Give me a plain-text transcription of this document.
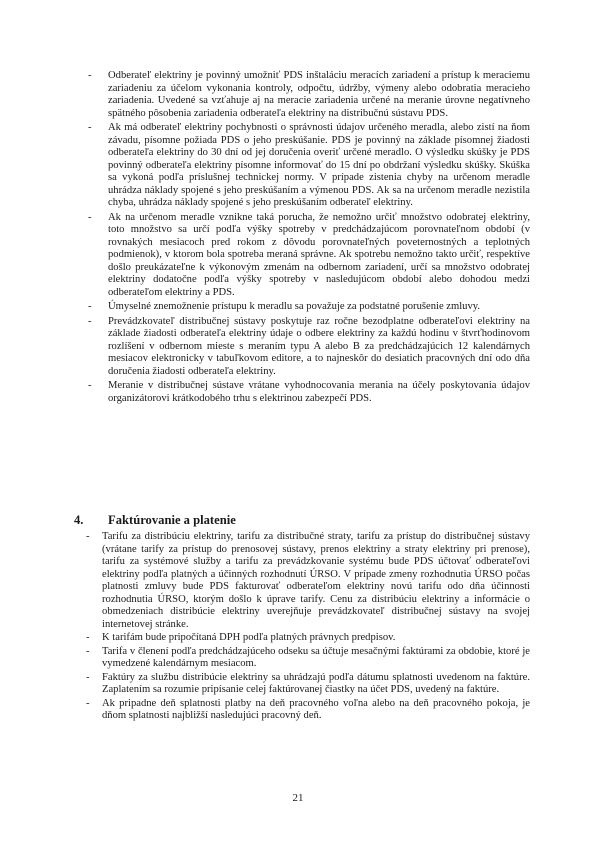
- Odberateľ elektriny je povinný umožniť PDS inštaláciu meracích zariadení a prístup k meraciemu zariadeniu za účelom vykonania kontroly, odpočtu, údržby, výmeny alebo odobratia meracieho zariadenia. Uvedené sa vzťahuje aj na meracie zariadenia určené na meranie úrovne negatívneho spätného pôsobenia zariadenia odberateľa elektriny na distribučnú sústavu PDS.
- Ak má odberateľ elektriny pochybnosti o správnosti údajov určeného meradla, alebo zistí na ňom závadu, písomne požiada PDS o jeho preskúšanie. PDS je povinný na základe písomnej žiadosti odberateľa elektriny do 30 dní od jej doručenia overiť určené meradlo. O výsledku skúšky je PDS povinný odberateľa elektriny písomne informovať do 15 dní po obdržaní výsledku skúšky. Skúška sa vykoná podľa príslušnej technickej normy. V prípade zistenia chyby na určenom meradle uhrádza náklady spojené s jeho preskúšaním a výmenou PDS. Ak sa na určenom meradle nezistila chyba, uhrádza náklady spojené s jeho preskúšaním odberateľ elektriny.
- Ak na určenom meradle vznikne taká porucha, že nemožno určiť množstvo odobratej elektriny, toto množstvo sa určí podľa výšky spotreby v predchádzajúcom porovnateľnom období (v rovnakých mesiacoch pred rokom z dôvodu porovnateľných poveternostných a teplotných podmienok), v ktorom bola spotreba meraná správne. Ak spotrebu nemožno takto určiť, respektíve došlo preukázateľne k výkonovým zmenám na odbernom zariadení, určí sa množstvo odobratej elektriny dodatočne podľa výšky spotreby v nasledujúcom období alebo dohodou medzi odberateľom elektriny a PDS.
- Úmyselné znemožnenie prístupu k meradlu sa považuje za podstatné porušenie zmluvy.
- Prevádzkovateľ distribučnej sústavy poskytuje raz ročne bezodplatne odberateľovi elektriny na základe žiadosti odberateľa elektriny údaje o odbere elektriny za každú hodinu v štvrťhodinovom rozlíšení v odbernom mieste s meraním typu A alebo B za predchádzajúcich 12 kalendárnych mesiacov elektronicky v tabuľkovom editore, a to najneskôr do desiatich pracovných dní odo dňa doručenia žiadosti odberateľa elektriny.
- Meranie v distribučnej sústave vrátane vyhodnocovania merania na účely poskytovania údajov organizátorovi krátkodobého trhu s elektrinou zabezpečí PDS.
4. Faktúrovanie a platenie
- Tarifu za distribúciu elektriny, tarifu za distribučné straty, tarifu za prístup do distribučnej sústavy (vrátane tarify za prístup do prenosovej sústavy, prenos elektriny a straty elektriny pri prenose), tarifu za systémové služby a tarifu za prevádzkovanie systému bude PDS účtovať odberateľovi elektriny podľa platných a účinných rozhodnutí ÚRSO. V prípade zmeny rozhodnutia ÚRSO počas platnosti zmluvy bude PDS fakturovať odberateľom elektriny novú tarifu odo dňa účinnosti rozhodnutia ÚRSO, ktorým došlo k úprave tarify. Cenu za distribúciu elektriny a informácie o obmedzeniach distribúcie elektriny uverejňuje prevádzkovateľ distribučnej sústavy na svojej internetovej stránke.
- K tarifám bude pripočítaná DPH podľa platných právnych predpisov.
- Tarifa v členení podľa predchádzajúceho odseku sa účtuje mesačnými faktúrami za obdobie, ktoré je vymedzené kalendárnym mesiacom.
- Faktúry za službu distribúcie elektriny sa uhrádzajú podľa dátumu splatnosti uvedenom na faktúre. Zaplatením sa rozumie pripísanie celej faktúrovanej čiastky na účet PDS, uvedený na faktúre.
- Ak pripadne deň splatnosti platby na deň pracovného voľna alebo na deň pracovného pokoja, je dňom splatnosti najbližší nasledujúci pracovný deň.
21
